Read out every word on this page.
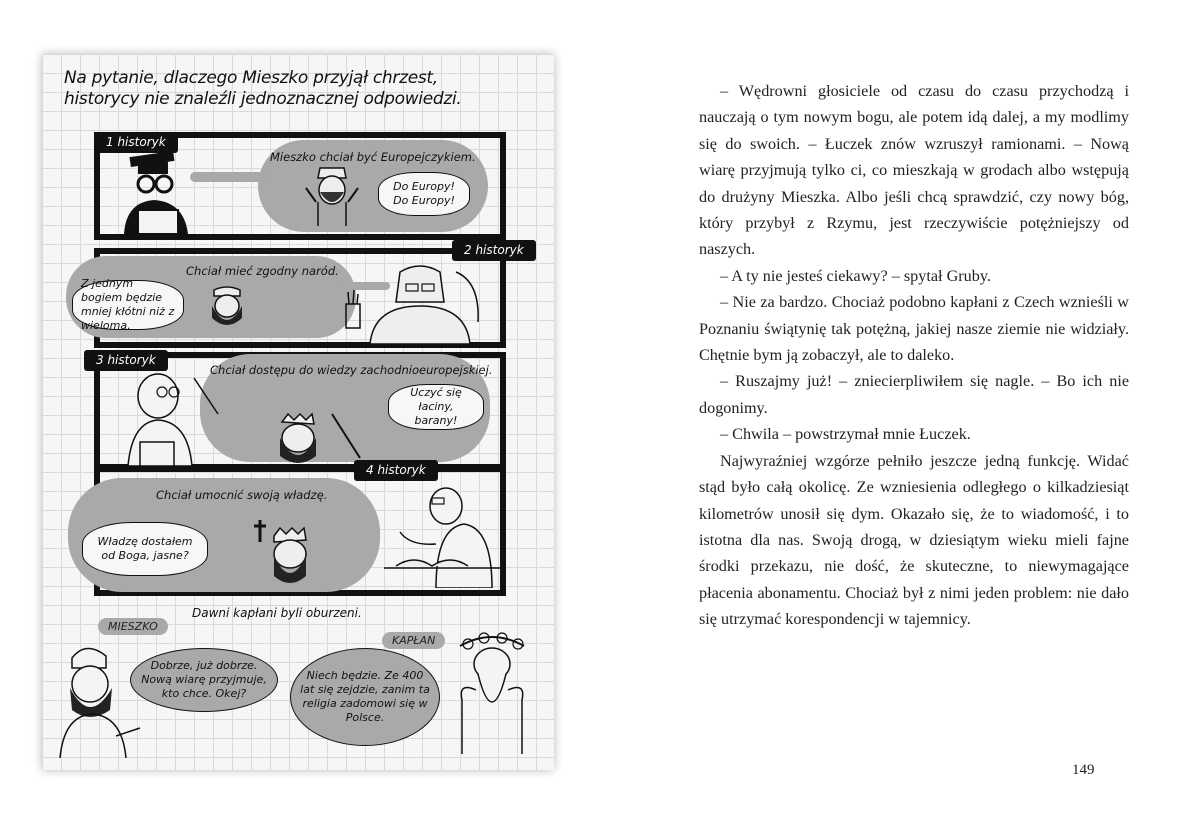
Na pytanie, dlaczego Mieszko przyjął chrzest,
historycy nie znaleźli jednoznacznej odpowiedzi.
1 historyk
Mieszko chciał być Europejczykiem.
Do Europy! Do Europy!
2 historyk
Chciał mieć zgodny naród.
Z jednym bogiem będzie mniej kłótni niż z wieloma.
3 historyk
Chciał dostępu do wiedzy zachodnioeuropejskiej.
Uczyć się łaciny, barany!
4 historyk
Chciał umocnić swoją władzę.
Władzę dostałem od Boga, jasne?
Dawni kapłani byli oburzeni.
MIESZKO
Dobrze, już dobrze. Nową wiarę przyjmuje, kto chce. Okej?
KAPŁAN
Niech będzie. Ze 400 lat się zejdzie, zanim ta religia zadomowi się w Polsce.

– Wędrowni głosiciele od czasu do czasu przychodzą i nauczają o tym nowym bogu, ale potem idą dalej, a my modlimy się do swoich. – Łuczek znów wzruszył ramionami. – Nową wiarę przyjmują tylko ci, co mieszkają w grodach albo wstępują do drużyny Mieszka. Albo jeśli chcą sprawdzić, czy nowy bóg, który przybył z Rzymu, jest rzeczywiście potężniejszy od naszych.

– A ty nie jesteś ciekawy? – spytał Gruby.

– Nie za bardzo. Chociaż podobno kapłani z Czech wznieśli w Poznaniu świątynię tak potężną, jakiej nasze ziemie nie widziały. Chętnie bym ją zobaczył, ale to daleko.

– Ruszajmy już! – zniecierpliwiłem się nagle. – Bo ich nie dogonimy.

– Chwila – powstrzymał mnie Łuczek.

Najwyraźniej wzgórze pełniło jeszcze jedną funkcję. Widać stąd było całą okolicę. Ze wzniesienia odległego o kilkadziesiąt kilometrów unosił się dym. Okazało się, że to wiadomość, i to istotna dla nas. Swoją drogą, w dziesiątym wieku mieli fajne środki przekazu, nie dość, że skuteczne, to niewymagające płacenia abonamentu. Chociaż był z nimi jeden problem: nie dało się utrzymać korespondencji w tajemnicy.

149
